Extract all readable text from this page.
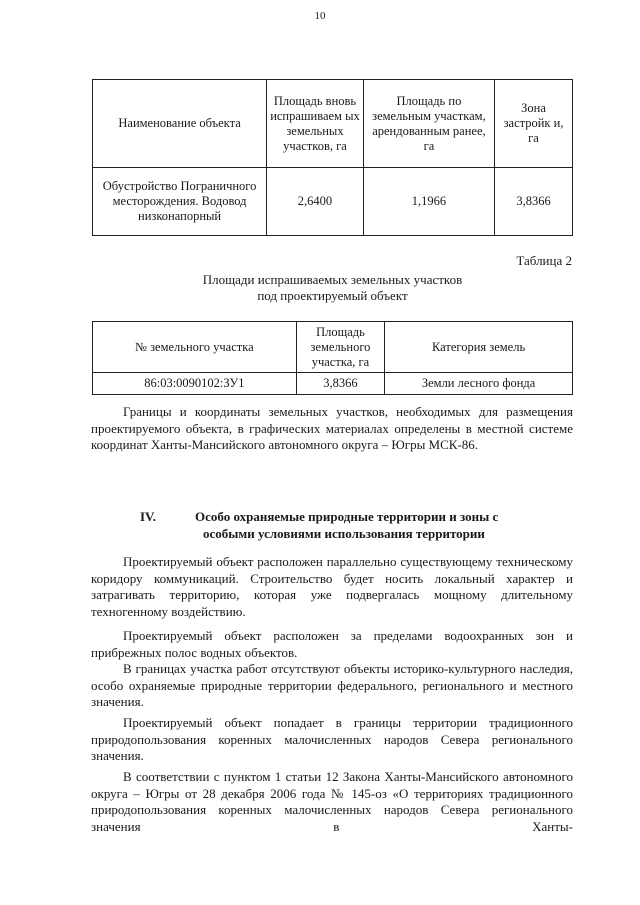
10
Наименование объекта	Площадь вновь испрашиваем ых земельных участков, га	Площадь по земельным участкам, арендованным ранее, га	Зона застройк и, га
Обустройство Пограничного месторождения. Водовод низконапорный	2,6400	1,1966	3,8366
Таблица 2
Площади испрашиваемых земельных участков
под проектируемый объект
№ земельного участка	Площадь земельного участка, га	Категория земель
86:03:0090102:ЗУ1	3,8366	Земли лесного фонда

Границы и координаты земельных участков, необходимых для размещения проектируемого объекта, в графических материалах определены в местной системе координат Ханты-Мансийского автономного округа – Югры МСК-86.

IV.	Особо охраняемые природные территории и зоны с
особыми условиями использования территории

Проектируемый объект расположен параллельно существующему техническому коридору коммуникаций. Строительство будет носить локальный характер и затрагивать территорию, которая уже подвергалась мощному длительному техногенному воздействию.

Проектируемый объект расположен за пределами водоохранных зон и прибрежных полос водных объектов.

В границах участка работ отсутствуют объекты историко-культурного наследия, особо охраняемые природные территории федерального, регионального и местного значения.

Проектируемый объект попадает в границы территории традиционного природопользования коренных малочисленных народов Севера регионального значения.

В соответствии с пунктом 1 статьи 12 Закона Ханты-Мансийского автономного округа – Югры от 28 декабря 2006 года № 145-оз «О территориях традиционного природопользования коренных малочисленных народов Севера регионального значения в Ханты-
